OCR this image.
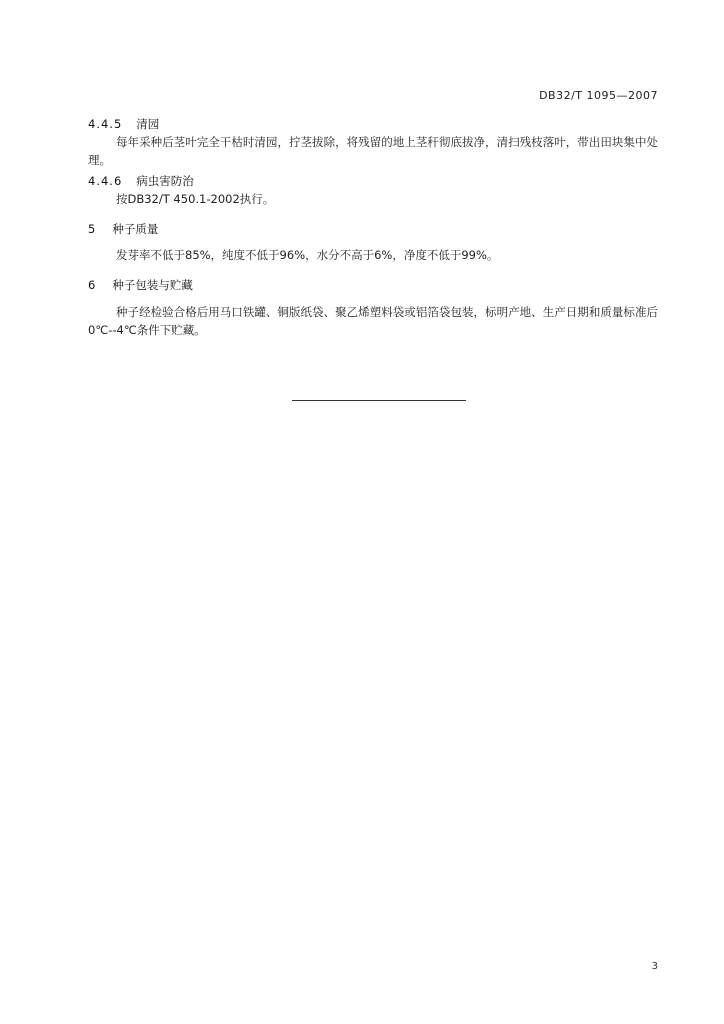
DB32/T 1095—2007
4.4.5 清园
每年采种后茎叶完全干枯时清园，拧茎拔除，将残留的地上茎秆彻底拔净，清扫残枝落叶，带出田块集中处理。
4.4.6 病虫害防治
按DB32/T 450.1-2002执行。
5 种子质量
发芽率不低于85%，纯度不低于96%，水分不高于6%，净度不低于99%。
6 种子包装与贮藏
种子经检验合格后用马口铁罐、铜版纸袋、聚乙烯塑料袋或铝箔袋包装，标明产地、生产日期和质量标准后0℃--4℃条件下贮藏。
3
